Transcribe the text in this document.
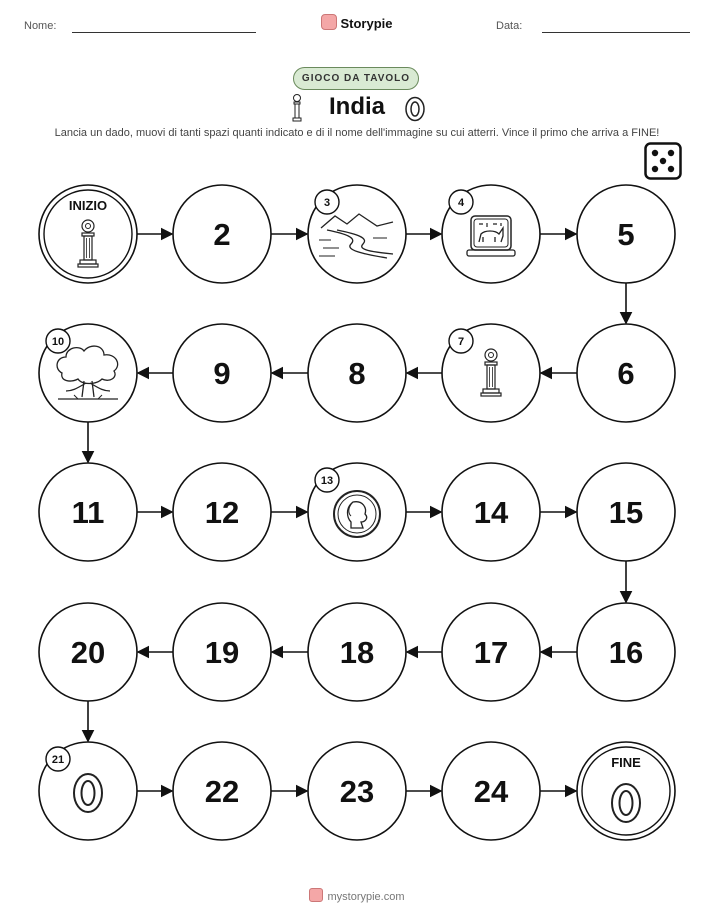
Nome:	Data:
Storypie
GIOCO DA TAVOLO
India
Lancia un dado, muovi di tanti spazi quanti indicato e di il nome dell'immagine su cui atterri. Vince il primo che arriva a FINE!
INIZIO
2
3	4
5
6
7
8
9
10
11	12
13
14	15
16
17
18
19
20
21
22	23	24
FINE
mystorypie.com
